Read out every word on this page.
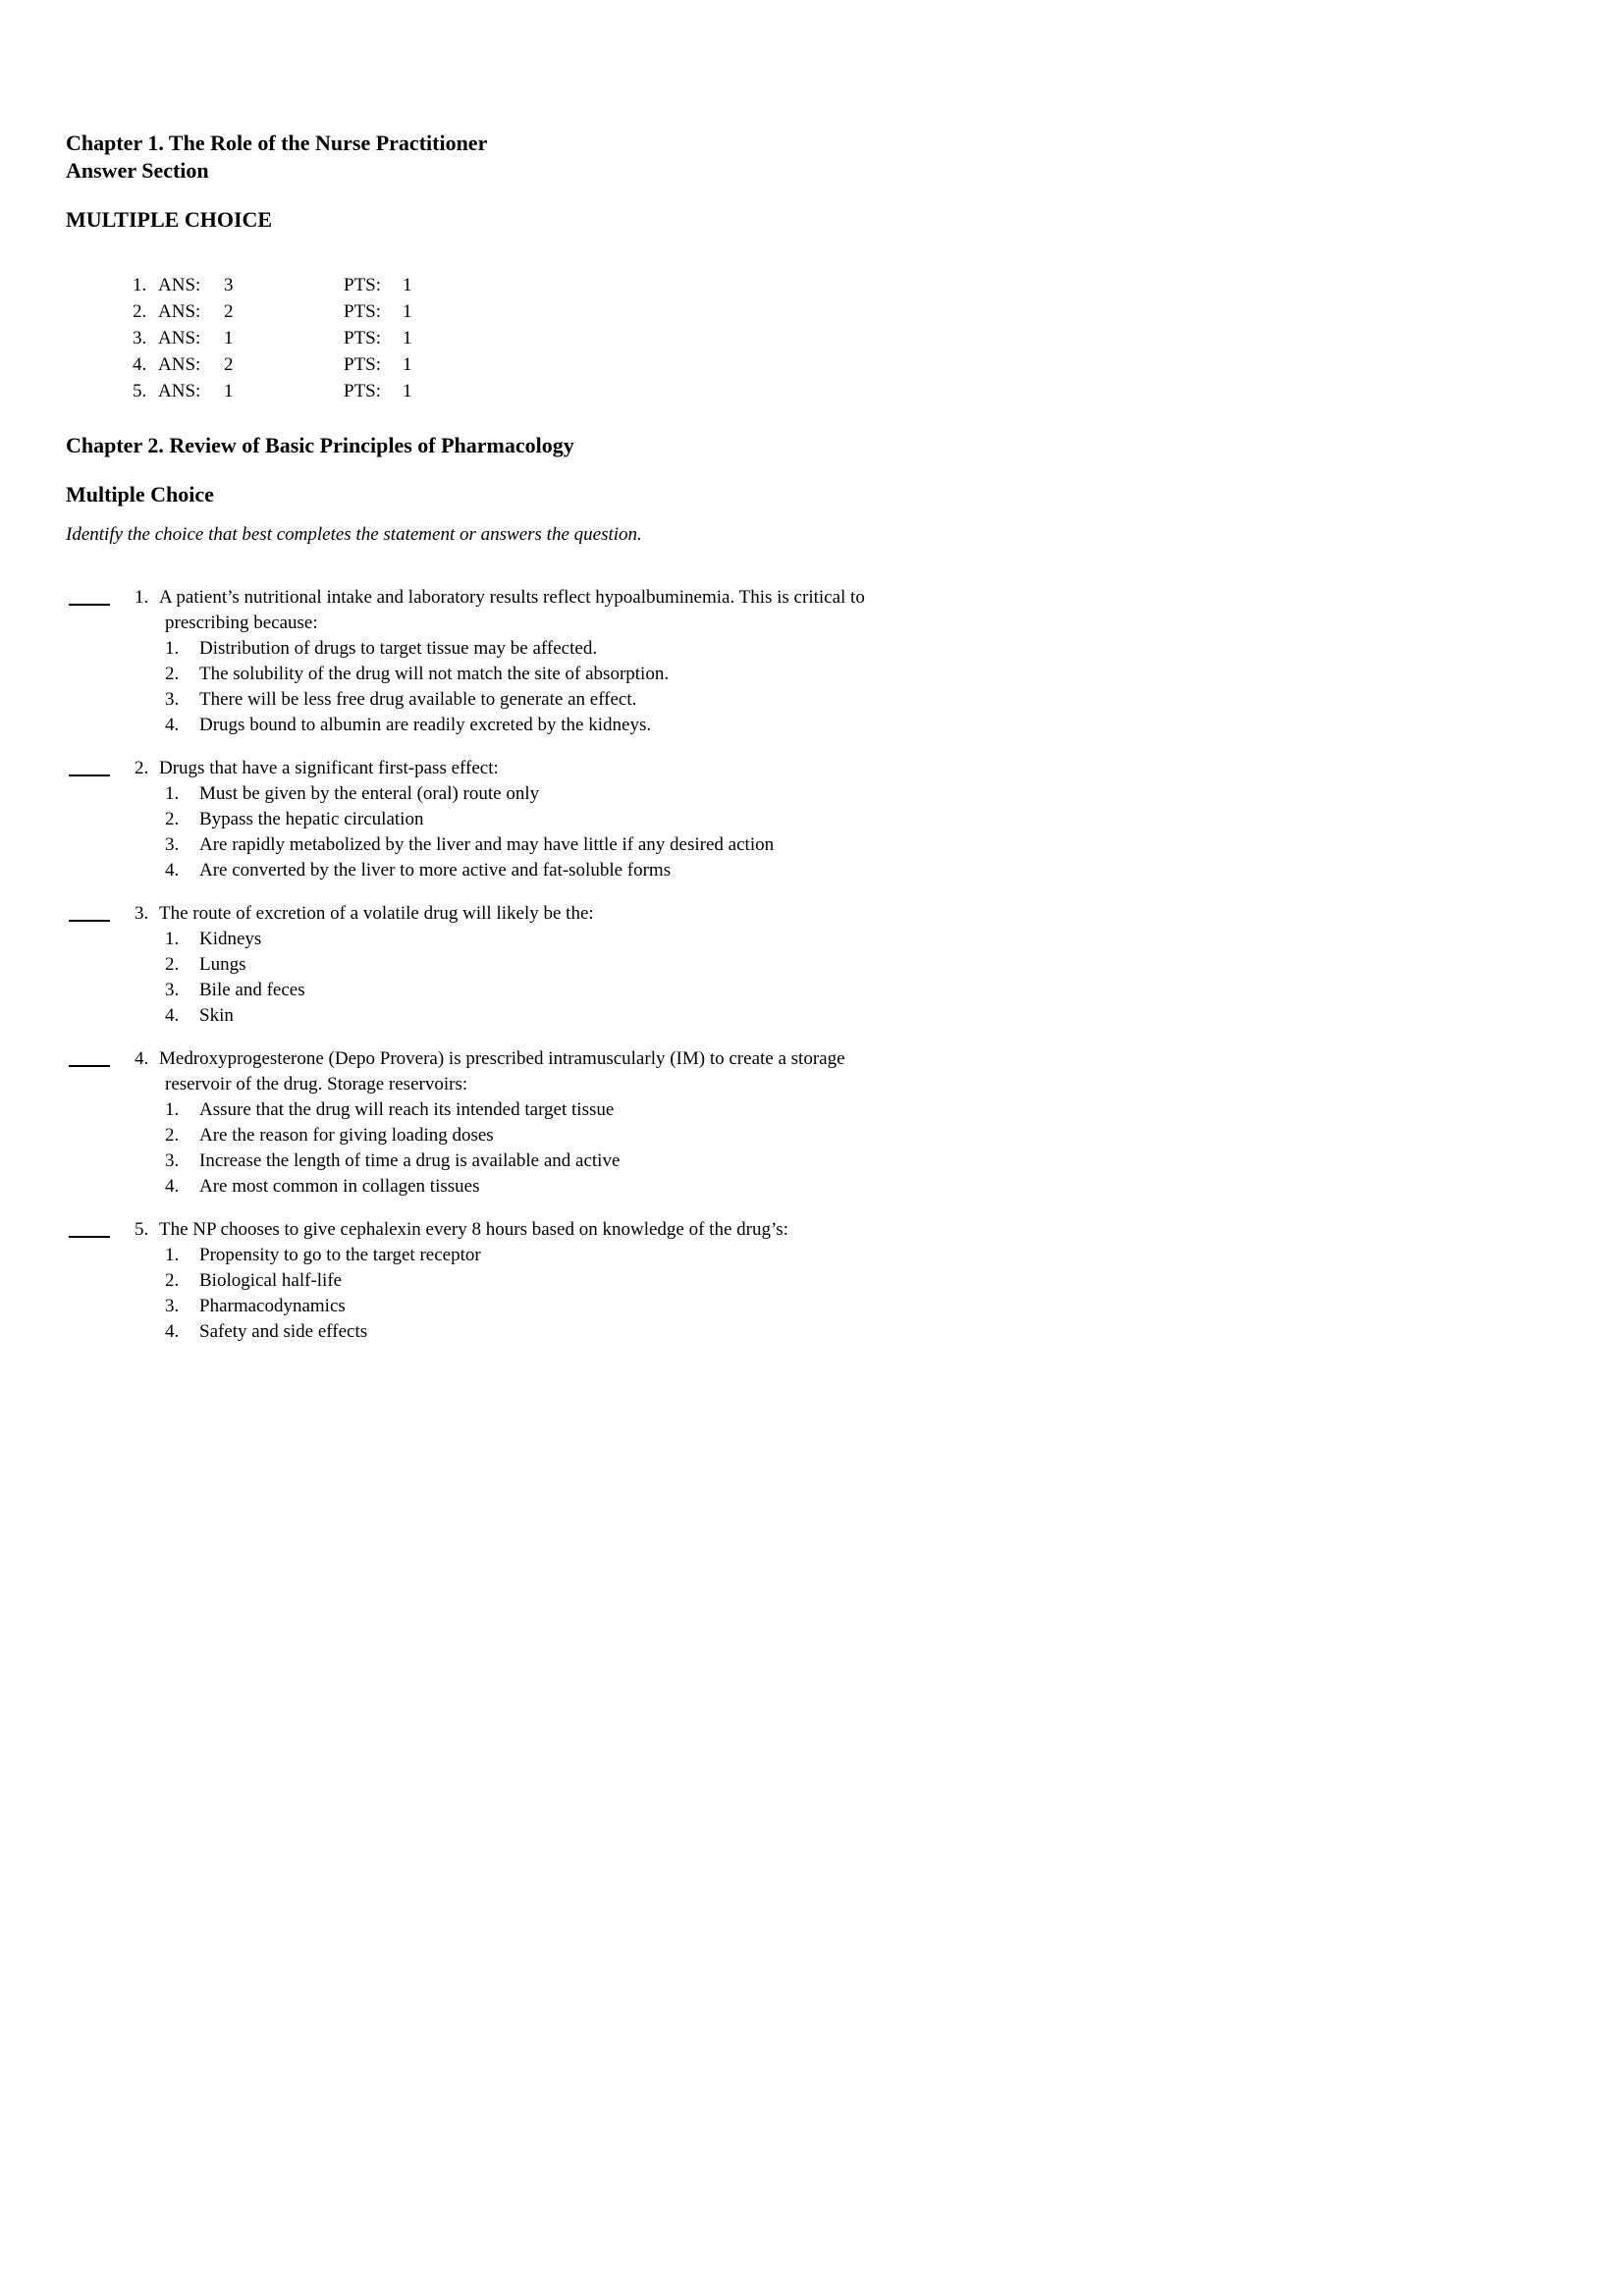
Chapter 1. The Role of the Nurse Practitioner
Answer Section
MULTIPLE CHOICE
1. ANS: 3	PTS: 1
2. ANS: 2	PTS: 1
3. ANS: 1	PTS: 1
4. ANS: 2	PTS: 1
5. ANS: 1	PTS: 1
Chapter 2. Review of Basic Principles of Pharmacology
Multiple Choice
Identify the choice that best completes the statement or answers the question.
1. A patient’s nutritional intake and laboratory results reflect hypoalbuminemia. This is critical to
prescribing because:
1.	Distribution of drugs to target tissue may be affected.
2.	The solubility of the drug will not match the site of absorption.
3.	There will be less free drug available to generate an effect.
4.	Drugs bound to albumin are readily excreted by the kidneys.
2. Drugs that have a significant first-pass effect:
1.	Must be given by the enteral (oral) route only
2.	Bypass the hepatic circulation
3.	Are rapidly metabolized by the liver and may have little if any desired action
4.	Are converted by the liver to more active and fat-soluble forms
3. The route of excretion of a volatile drug will likely be the:
1.	Kidneys
2.	Lungs
3.	Bile and feces
4.	Skin
4. Medroxyprogesterone (Depo Provera) is prescribed intramuscularly (IM) to create a storage
reservoir of the drug. Storage reservoirs:
1.	Assure that the drug will reach its intended target tissue
2.	Are the reason for giving loading doses
3.	Increase the length of time a drug is available and active
4.	Are most common in collagen tissues
5. The NP chooses to give cephalexin every 8 hours based on knowledge of the drug’s:
1.	Propensity to go to the target receptor
2.	Biological half-life
3.	Pharmacodynamics
4.	Safety and side effects
